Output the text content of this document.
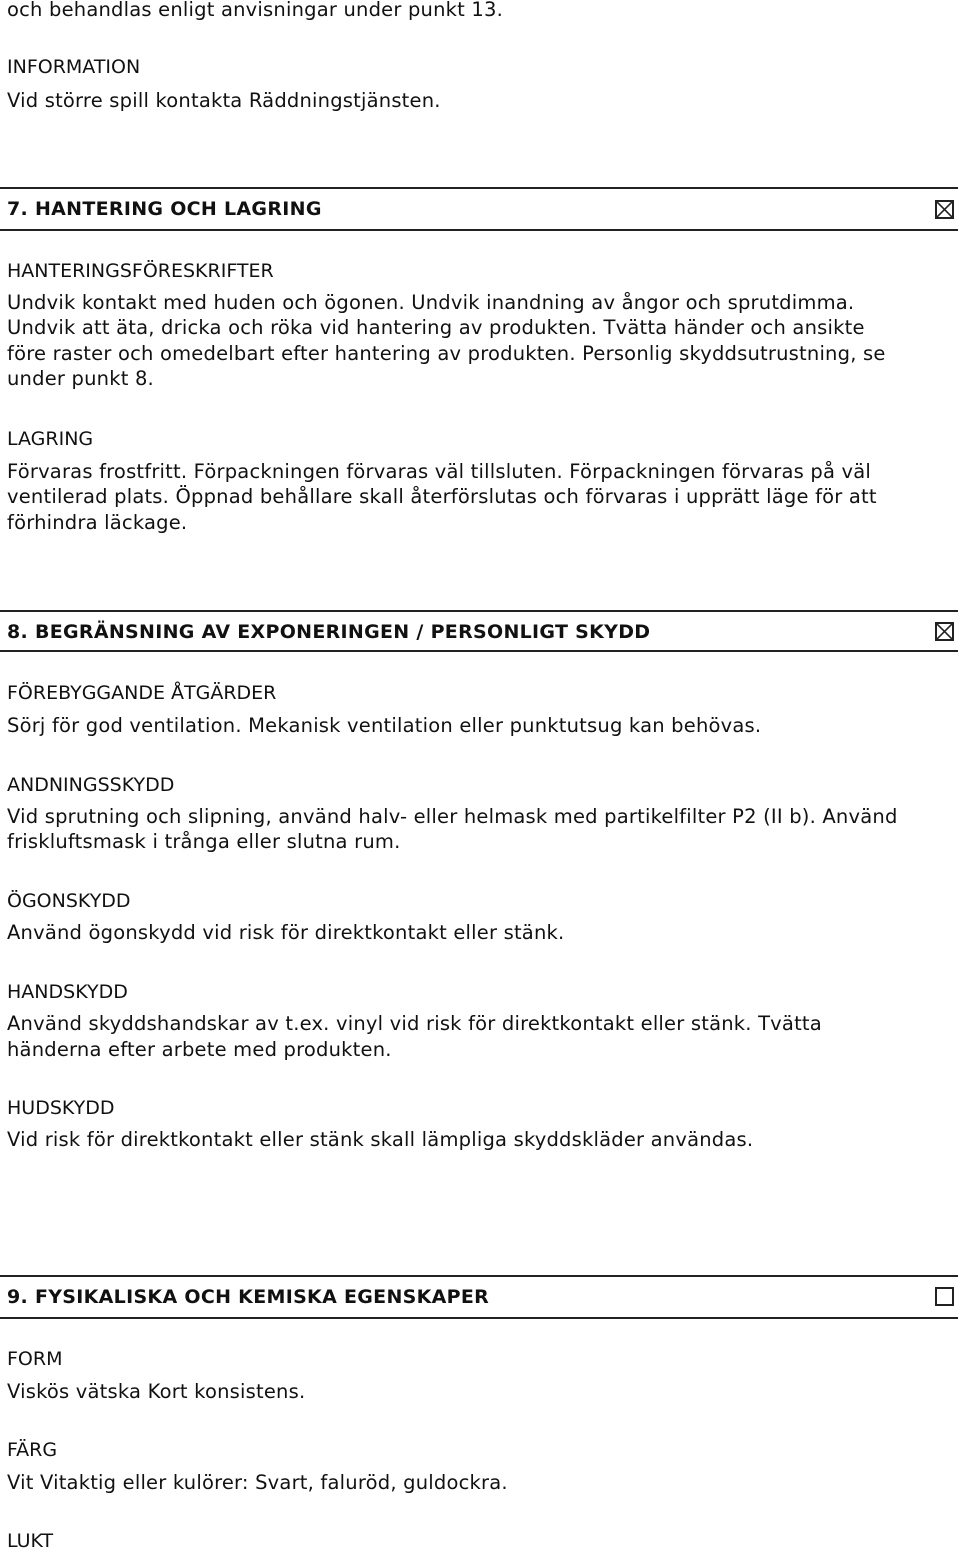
och behandlas enligt anvisningar under punkt 13.
INFORMATION
Vid större spill kontakta Räddningstjänsten.
7. HANTERING OCH LAGRING
HANTERINGSFÖRESKRIFTER
Undvik kontakt med huden och ögonen. Undvik inandning av ångor och sprutdimma.
Undvik att äta, dricka och röka vid hantering av produkten. Tvätta händer och ansikte
före raster och omedelbart efter hantering av produkten. Personlig skyddsutrustning, se
under punkt 8.
LAGRING
Förvaras frostfritt. Förpackningen förvaras väl tillsluten. Förpackningen förvaras på väl
ventilerad plats. Öppnad behållare skall återförslutas och förvaras i upprätt läge för att
förhindra läckage.
8. BEGRÄNSNING AV EXPONERINGEN / PERSONLIGT SKYDD
FÖREBYGGANDE ÅTGÄRDER
Sörj för god ventilation. Mekanisk ventilation eller punktutsug kan behövas.
ANDNINGSSKYDD
Vid sprutning och slipning, använd halv- eller helmask med partikelfilter P2 (II b). Använd
friskluftsmask i trånga eller slutna rum.
ÖGONSKYDD
Använd ögonskydd vid risk för direktkontakt eller stänk.
HANDSKYDD
Använd skyddshandskar av t.ex. vinyl vid risk för direktkontakt eller stänk. Tvätta
händerna efter arbete med produkten.
HUDSKYDD
Vid risk för direktkontakt eller stänk skall lämpliga skyddskläder användas.
9. FYSIKALISKA OCH KEMISKA EGENSKAPER
FORM
Viskös vätska Kort konsistens.
FÄRG
Vit Vitaktig eller kulörer: Svart, faluröd, guldockra.
LUKT
